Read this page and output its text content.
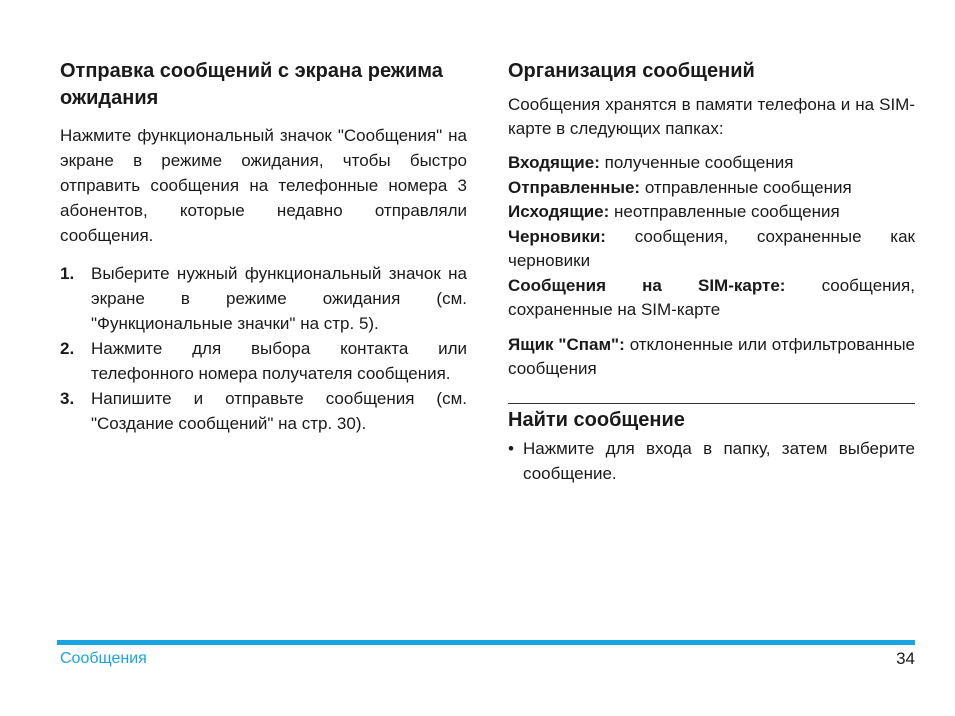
Отправка сообщений с экрана режима ожидания

Нажмите функциональный значок "Сообщения" на экране в режиме ожидания, чтобы быстро отправить сообщения на телефонные номера 3 абонентов, которые недавно отправляли сообщения.

1. Выберите нужный функциональный значок на экране в режиме ожидания (см. "Функциональные значки" на стр. 5).
2. Нажмите для выбора контакта или телефонного номера получателя сообщения.
3. Напишите и отправьте сообщения (см. "Создание сообщений" на стр. 30).
Организация сообщений

Сообщения хранятся в памяти телефона и на SIM-карте в следующих папках:

Входящие: полученные сообщения

Отправленные: отправленные сообщения

Исходящие: неотправленные сообщения

Черновики: сообщения, сохраненные как черновики

Сообщения на SIM-карте: сообщения, сохраненные на SIM-карте

Ящик "Спам": отклоненные или отфильтрованные сообщения

Найти сообщение
• Нажмите для входа в папку, затем выберите сообщение.
Сообщения	34
